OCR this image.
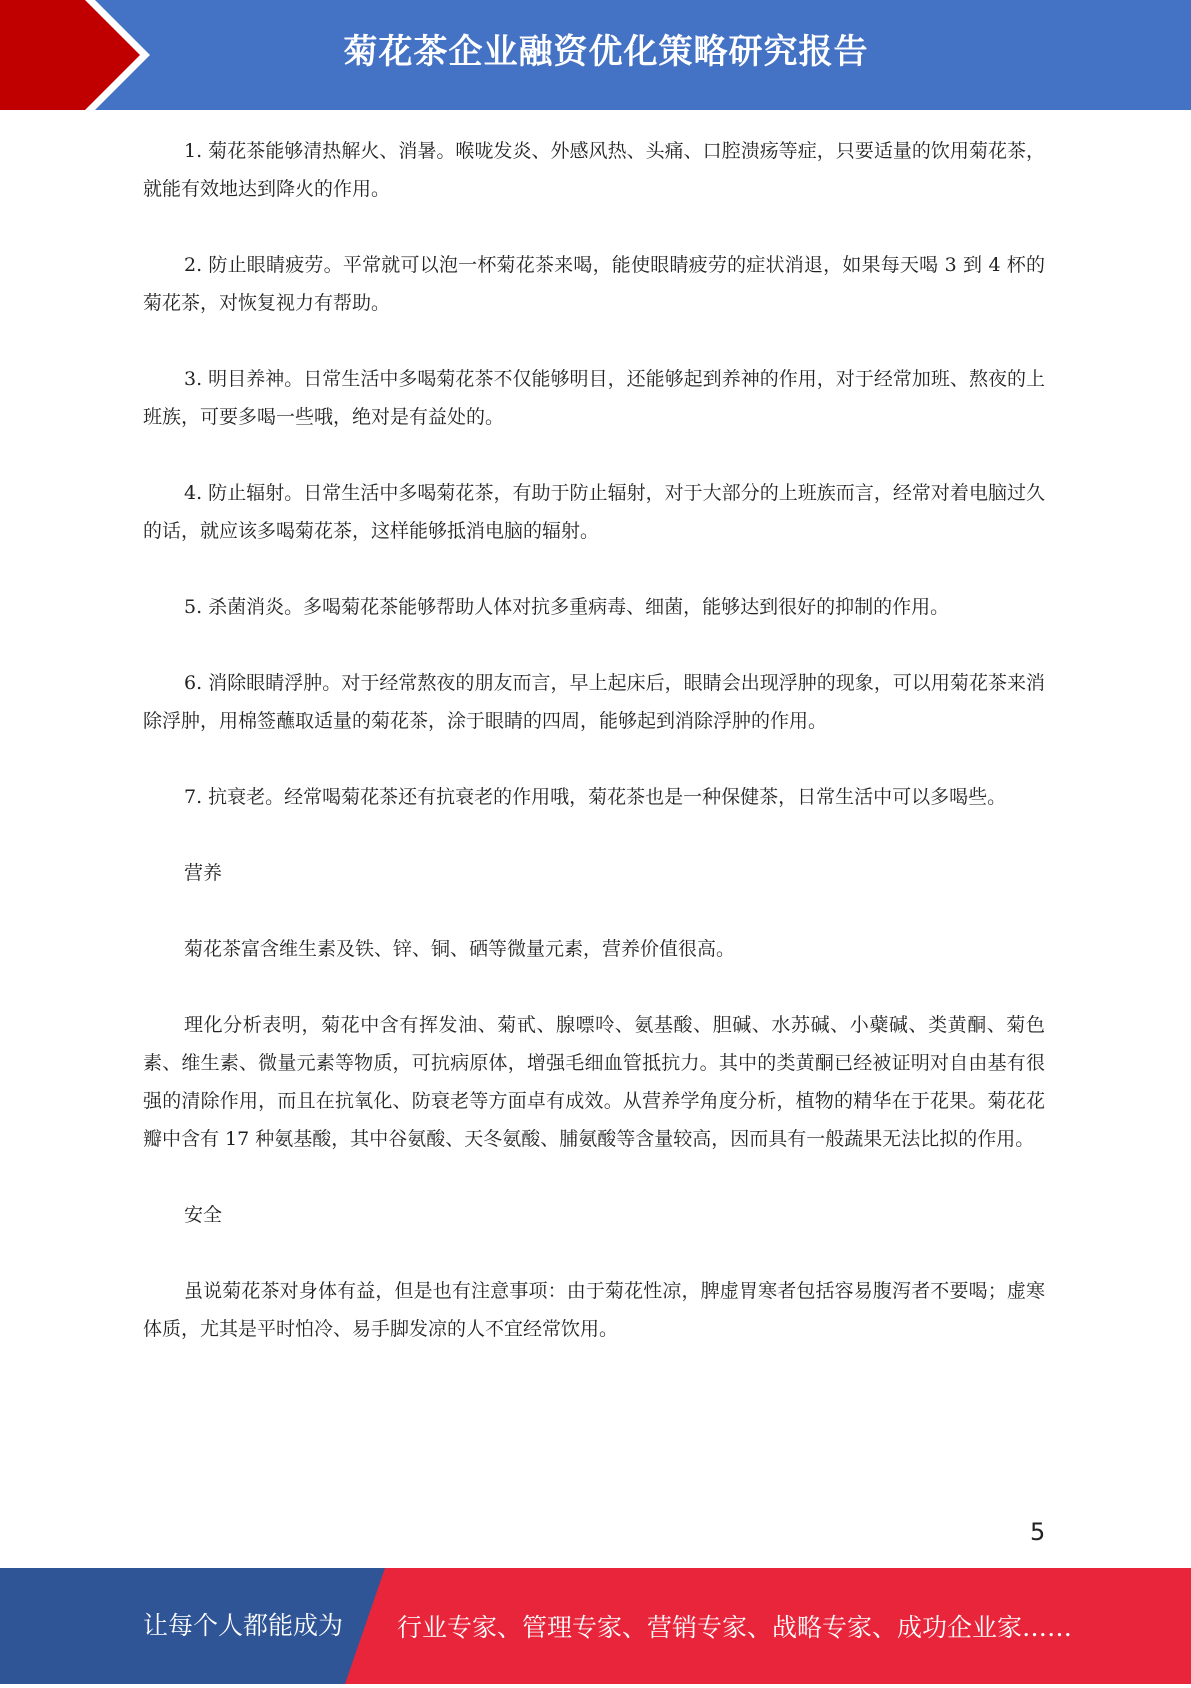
菊花茶企业融资优化策略研究报告

1. 菊花茶能够清热解火、消暑。喉咙发炎、外感风热、头痛、口腔溃疡等症，只要适量的饮用菊花茶，就能有效地达到降火的作用。

2. 防止眼睛疲劳。平常就可以泡一杯菊花茶来喝，能使眼睛疲劳的症状消退，如果每天喝 3 到 4 杯的菊花茶，对恢复视力有帮助。

3. 明目养神。日常生活中多喝菊花茶不仅能够明目，还能够起到养神的作用，对于经常加班、熬夜的上班族，可要多喝一些哦，绝对是有益处的。

4. 防止辐射。日常生活中多喝菊花茶，有助于防止辐射，对于大部分的上班族而言，经常对着电脑过久的话，就应该多喝菊花茶，这样能够抵消电脑的辐射。

5. 杀菌消炎。多喝菊花茶能够帮助人体对抗多重病毒、细菌，能够达到很好的抑制的作用。

6. 消除眼睛浮肿。对于经常熬夜的朋友而言，早上起床后，眼睛会出现浮肿的现象，可以用菊花茶来消除浮肿，用棉签蘸取适量的菊花茶，涂于眼睛的四周，能够起到消除浮肿的作用。

7. 抗衰老。经常喝菊花茶还有抗衰老的作用哦，菊花茶也是一种保健茶，日常生活中可以多喝些。

营养

菊花茶富含维生素及铁、锌、铜、硒等微量元素，营养价值很高。

理化分析表明，菊花中含有挥发油、菊甙、腺嘌呤、氨基酸、胆碱、水苏碱、小蘗碱、类黄酮、菊色素、维生素、微量元素等物质，可抗病原体，增强毛细血管抵抗力。其中的类黄酮已经被证明对自由基有很强的清除作用，而且在抗氧化、防衰老等方面卓有成效。从营养学角度分析，植物的精华在于花果。菊花花瓣中含有 17 种氨基酸，其中谷氨酸、天冬氨酸、脯氨酸等含量较高，因而具有一般蔬果无法比拟的作用。

安全

虽说菊花茶对身体有益，但是也有注意事项：由于菊花性凉，脾虚胃寒者包括容易腹泻者不要喝；虚寒体质，尤其是平时怕冷、易手脚发凉的人不宜经常饮用。

5
让每个人都能成为 行业专家、管理专家、营销专家、战略专家、成功企业家……
